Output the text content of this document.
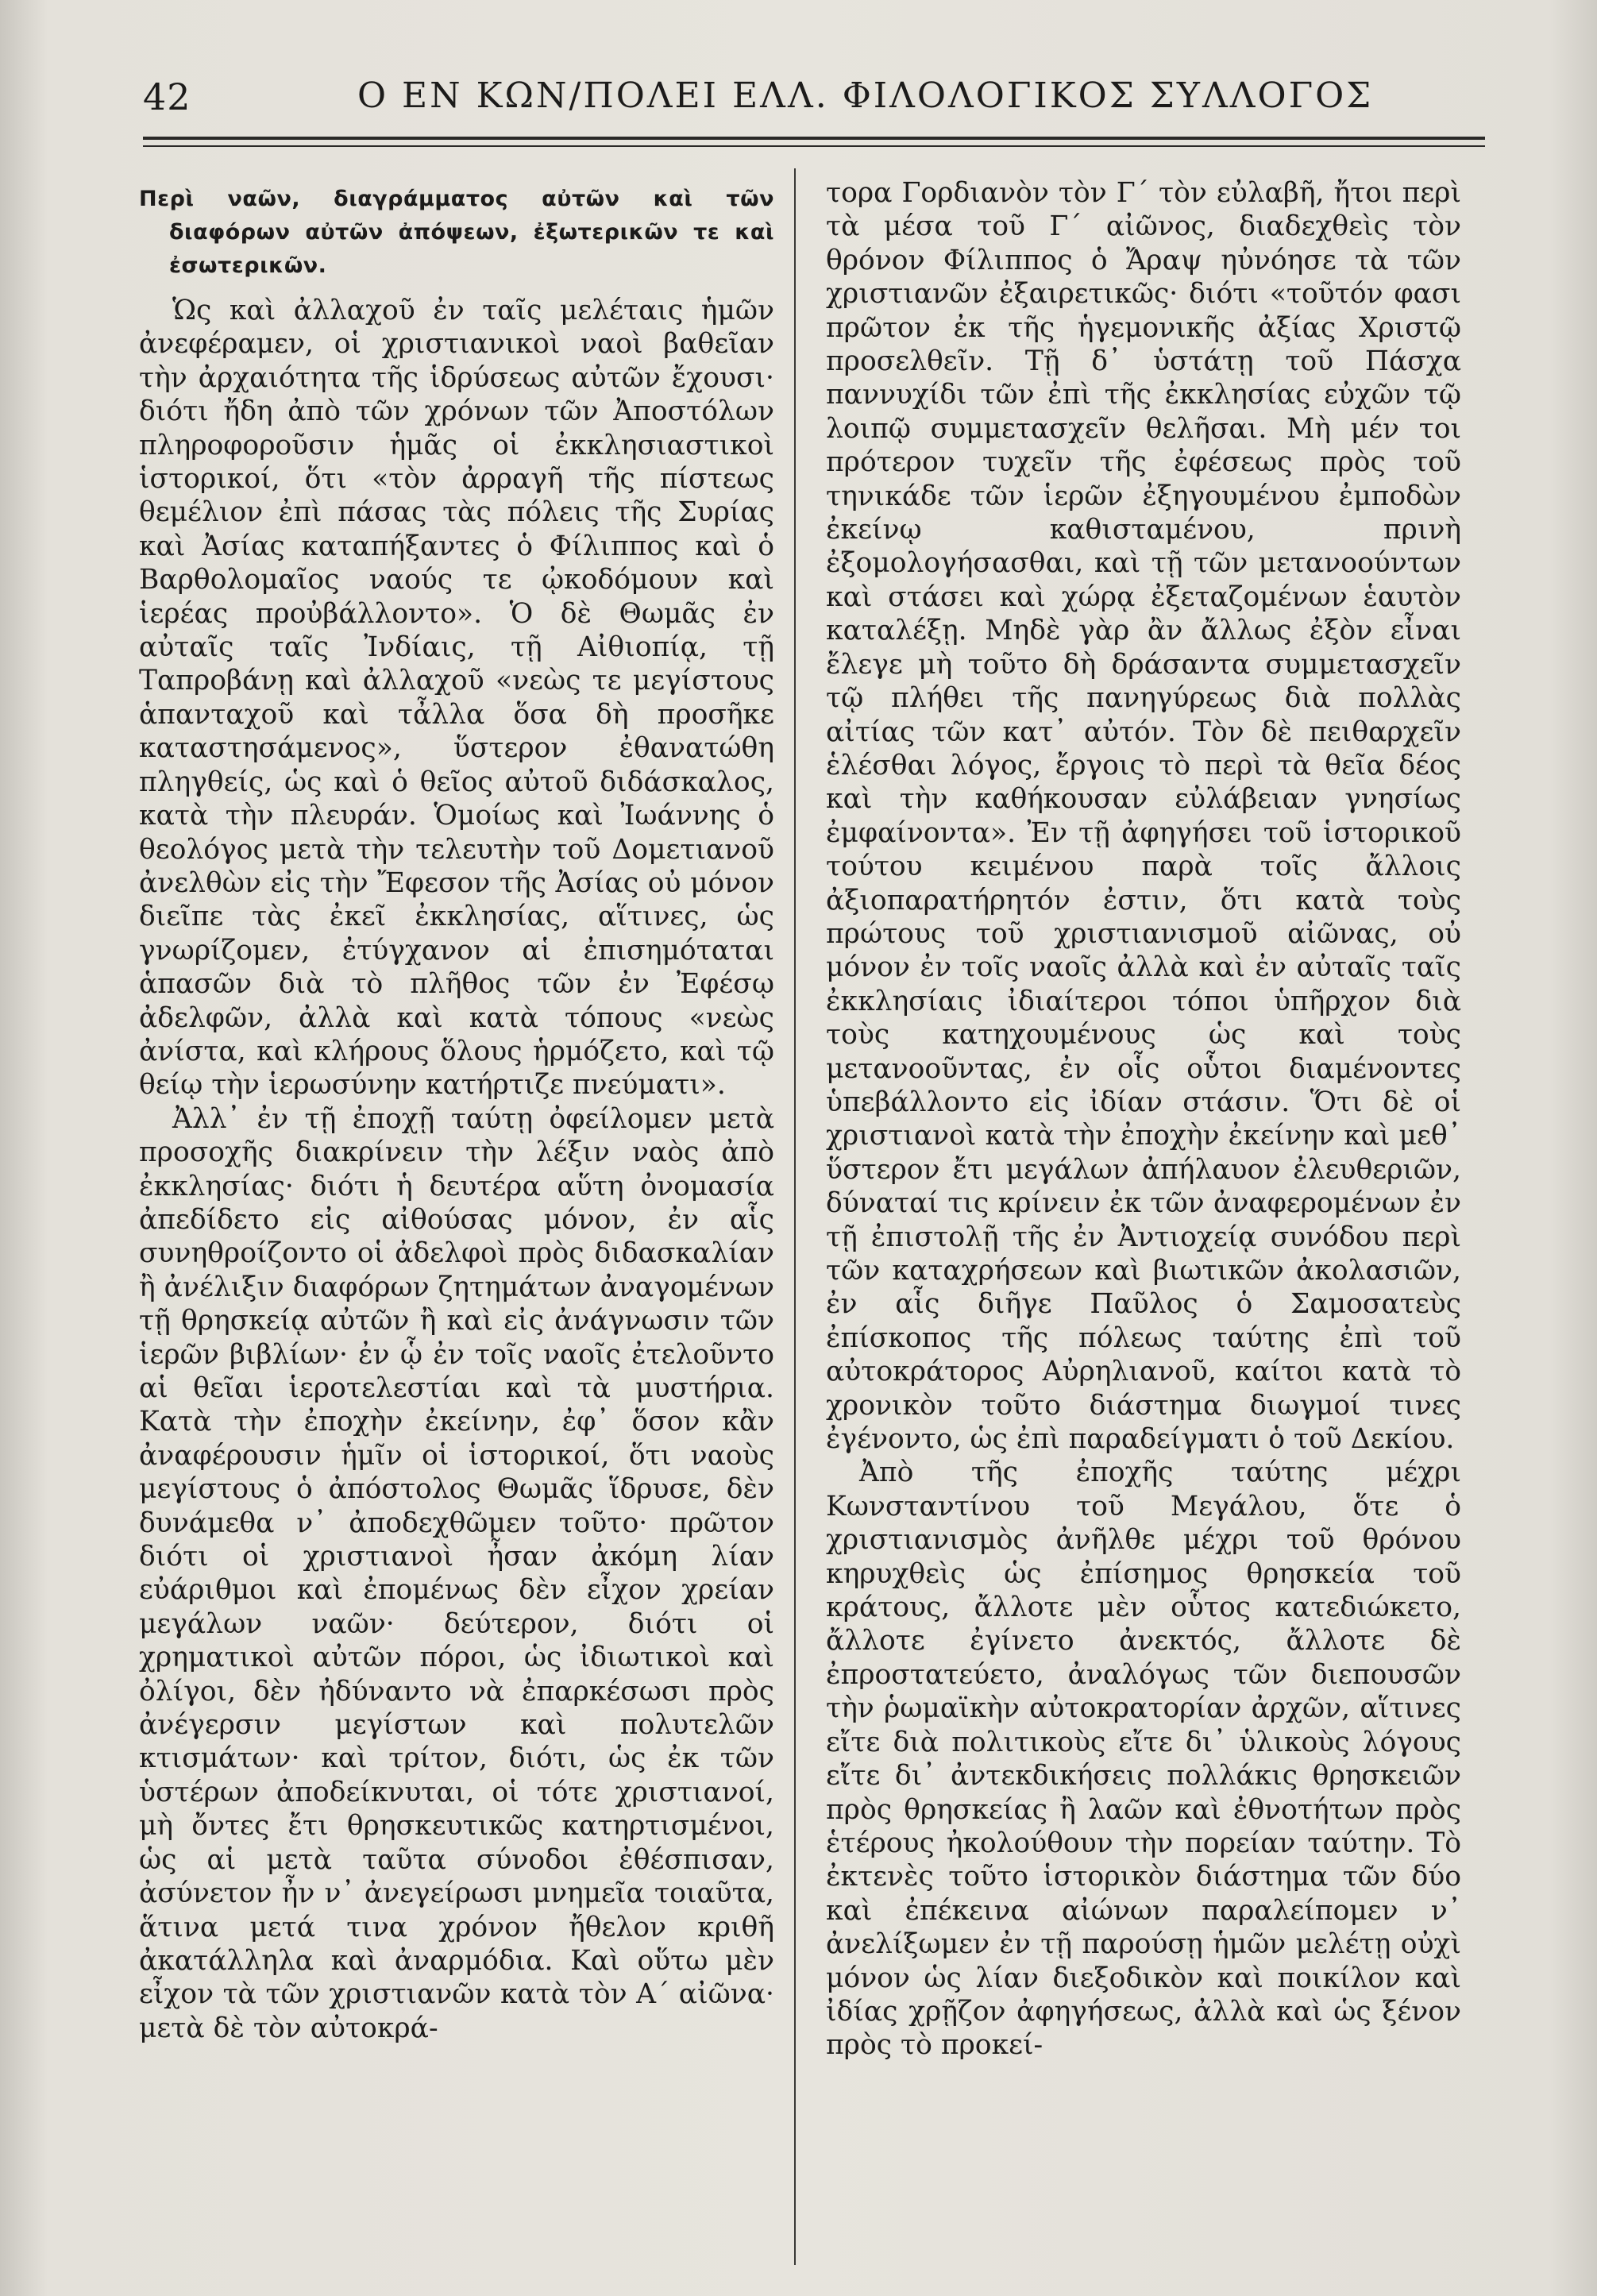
42	Ο ΕΝ ΚΩΝ/ΠΟΛΕΙ ΕΛΛ. ΦΙΛΟΛΟΓΙΚΟΣ ΣΥΛΛΟΓΟΣ
Περὶ ναῶν, διαγράμματος αὐτῶν καὶ τῶν διαφόρων αὐτῶν ἀπόψεων, ἐξωτερικῶν τε καὶ ἐσωτερικῶν.

Ὡς καὶ ἀλλαχοῦ ἐν ταῖς μελέταις ἡμῶν ἀνεφέραμεν, οἱ χριστιανικοὶ ναοὶ βαθεῖαν τὴν ἀρχαιότητα τῆς ἱδρύσεως αὐτῶν ἔχουσι· διότι ἤδη ἀπὸ τῶν χρόνων τῶν Ἀποστόλων πληροφοροῦσιν ἡμᾶς οἱ ἐκκλησιαστικοὶ ἱστορικοί, ὅτι «τὸν ἀρραγῆ τῆς πίστεως θεμέλιον ἐπὶ πάσας τὰς πόλεις τῆς Συρίας καὶ Ἀσίας καταπήξαντες ὁ Φίλιππος καὶ ὁ Βαρθολομαῖος ναούς τε ᾠκοδόμουν καὶ ἱερέας προὐβάλλοντο». Ὁ δὲ Θωμᾶς ἐν αὐταῖς ταῖς Ἰνδίαις, τῇ Αἰθιοπίᾳ, τῇ Ταπροβάνῃ καὶ ἀλλαχοῦ «νεὼς τε μεγίστους ἁπανταχοῦ καὶ τἆλλα ὅσα δὴ προσῆκε καταστησάμενος», ὕστερον ἐθανατώθη πληγθείς, ὡς καὶ ὁ θεῖος αὐτοῦ διδάσκαλος, κατὰ τὴν πλευράν. Ὁμοίως καὶ Ἰωάννης ὁ θεολόγος μετὰ τὴν τελευτὴν τοῦ Δομετιανοῦ ἀνελθὼν εἰς τὴν Ἔφεσον τῆς Ἀσίας οὐ μόνον διεῖπε τὰς ἐκεῖ ἐκκλησίας, αἵτινες, ὡς γνωρίζομεν, ἐτύγχανον αἱ ἐπισημόταται ἁπασῶν διὰ τὸ πλῆθος τῶν ἐν Ἐφέσῳ ἀδελφῶν, ἀλλὰ καὶ κατὰ τόπους «νεὼς ἀνίστα, καὶ κλήρους ὅλους ἡρμόζετο, καὶ τῷ θείῳ τὴν ἱερωσύνην κατήρτιζε πνεύματι».

Ἀλλ᾽ ἐν τῇ ἐποχῇ ταύτῃ ὀφείλομεν μετὰ προσοχῆς διακρίνειν τὴν λέξιν ναὸς ἀπὸ ἐκκλησίας· διότι ἡ δευτέρα αὕτη ὀνομασία ἀπεδίδετο εἰς αἰθούσας μόνον, ἐν αἷς συνηθροίζοντο οἱ ἀδελφοὶ πρὸς διδασκαλίαν ἢ ἀνέλιξιν διαφόρων ζητημάτων ἀναγομένων τῇ θρησκείᾳ αὐτῶν ἢ καὶ εἰς ἀνάγνωσιν τῶν ἱερῶν βιβλίων· ἐν ᾧ ἐν τοῖς ναοῖς ἐτελοῦντο αἱ θεῖαι ἱεροτελεστίαι καὶ τὰ μυστήρια. Κατὰ τὴν ἐποχὴν ἐκείνην, ἐφ᾽ ὅσον κἂν ἀναφέρουσιν ἡμῖν οἱ ἱστορικοί, ὅτι ναοὺς μεγίστους ὁ ἀπόστολος Θωμᾶς ἵδρυσε, δὲν δυνάμεθα ν᾽ ἀποδεχθῶμεν τοῦτο· πρῶτον διότι οἱ χριστιανοὶ ἦσαν ἀκόμη λίαν εὐάριθμοι καὶ ἐπομένως δὲν εἶχον χρείαν μεγάλων ναῶν· δεύτερον, διότι οἱ χρηματικοὶ αὐτῶν πόροι, ὡς ἰδιωτικοὶ καὶ ὀλίγοι, δὲν ἠδύναντο νὰ ἐπαρκέσωσι πρὸς ἀνέγερσιν μεγίστων καὶ πολυτελῶν κτισμάτων· καὶ τρίτον, διότι, ὡς ἐκ τῶν ὑστέρων ἀποδείκνυται, οἱ τότε χριστιανοί, μὴ ὄντες ἔτι θρησκευτικῶς κατηρτισμένοι, ὡς αἱ μετὰ ταῦτα σύνοδοι ἐθέσπισαν, ἀσύνετον ἦν ν᾽ ἀνεγείρωσι μνημεῖα τοιαῦτα, ἅτινα μετά τινα χρόνον ἤθελον κριθῆ ἀκατάλληλα καὶ ἀναρμόδια. Καὶ οὕτω μὲν εἶχον τὰ τῶν χριστιανῶν κατὰ τὸν Α΄ αἰῶνα· μετὰ δὲ τὸν αὐτοκρά-

τορα Γορδιανὸν τὸν Γ΄ τὸν εὐλαβῆ, ἤτοι περὶ τὰ μέσα τοῦ Γ΄ αἰῶνος, διαδεχθεὶς τὸν θρόνον Φίλιππος ὁ Ἄραψ ηὐνόησε τὰ τῶν χριστιανῶν ἐξαιρετικῶς· διότι «τοῦτόν φασι πρῶτον ἐκ τῆς ἡγεμονικῆς ἀξίας Χριστῷ προσελθεῖν. Τῇ δ᾽ ὑστάτῃ τοῦ Πάσχα παννυχίδι τῶν ἐπὶ τῆς ἐκκλησίας εὐχῶν τῷ λοιπῷ συμμετασχεῖν θελῆσαι. Μὴ μέν τοι πρότερον τυχεῖν τῆς ἐφέσεως πρὸς τοῦ τηνικάδε τῶν ἱερῶν ἐξηγουμένου ἐμποδὼν ἐκείνῳ καθισταμένου, πρινὴ ἐξομολογήσασθαι, καὶ τῇ τῶν μετανοούντων καὶ στάσει καὶ χώρᾳ ἐξεταζομένων ἑαυτὸν καταλέξῃ. Μηδὲ γὰρ ἂν ἄλλως ἐξὸν εἶναι ἔλεγε μὴ τοῦτο δὴ δράσαντα συμμετασχεῖν τῷ πλήθει τῆς πανηγύρεως διὰ πολλὰς αἰτίας τῶν κατ᾽ αὐτόν. Τὸν δὲ πειθαρχεῖν ἑλέσθαι λόγος, ἔργοις τὸ περὶ τὰ θεῖα δέος καὶ τὴν καθήκουσαν εὐλάβειαν γνησίως ἐμφαίνοντα». Ἐν τῇ ἀφηγήσει τοῦ ἱστορικοῦ τούτου κειμένου παρὰ τοῖς ἄλλοις ἀξιοπαρατήρητόν ἐστιν, ὅτι κατὰ τοὺς πρώτους τοῦ χριστιανισμοῦ αἰῶνας, οὐ μόνον ἐν τοῖς ναοῖς ἀλλὰ καὶ ἐν αὐταῖς ταῖς ἐκκλησίαις ἰδιαίτεροι τόποι ὑπῆρχον διὰ τοὺς κατηχουμένους ὡς καὶ τοὺς μετανοοῦντας, ἐν οἷς οὗτοι διαμένοντες ὑπεβάλλοντο εἰς ἰδίαν στάσιν. Ὅτι δὲ οἱ χριστιανοὶ κατὰ τὴν ἐποχὴν ἐκείνην καὶ μεθ᾽ ὕστερον ἔτι μεγάλων ἀπήλαυον ἐλευθεριῶν, δύναταί τις κρίνειν ἐκ τῶν ἀναφερομένων ἐν τῇ ἐπιστολῇ τῆς ἐν Ἀντιοχείᾳ συνόδου περὶ τῶν καταχρήσεων καὶ βιωτικῶν ἀκολασιῶν, ἐν αἷς διῆγε Παῦλος ὁ Σαμοσατεὺς ἐπίσκοπος τῆς πόλεως ταύτης ἐπὶ τοῦ αὐτοκράτορος Αὐρηλιανοῦ, καίτοι κατὰ τὸ χρονικὸν τοῦτο διάστημα διωγμοί τινες ἐγένοντο, ὡς ἐπὶ παραδείγματι ὁ τοῦ Δεκίου.

Ἀπὸ τῆς ἐποχῆς ταύτης μέχρι Κωνσταντίνου τοῦ Μεγάλου, ὅτε ὁ χριστιανισμὸς ἀνῆλθε μέχρι τοῦ θρόνου κηρυχθεὶς ὡς ἐπίσημος θρησκεία τοῦ κράτους, ἄλλοτε μὲν οὗτος κατεδιώκετο, ἄλλοτε ἐγίνετο ἀνεκτός, ἄλλοτε δὲ ἐπροστατεύετο, ἀναλόγως τῶν διεπουσῶν τὴν ῥωμαϊκὴν αὐτοκρατορίαν ἀρχῶν, αἵτινες εἴτε διὰ πολιτικοὺς εἴτε δι᾽ ὑλικοὺς λόγους εἴτε δι᾽ ἀντεκδικήσεις πολλάκις θρησκειῶν πρὸς θρησκείας ἢ λαῶν καὶ ἐθνοτήτων πρὸς ἑτέρους ἠκολούθουν τὴν πορείαν ταύτην. Τὸ ἐκτενὲς τοῦτο ἱστορικὸν διάστημα τῶν δύο καὶ ἐπέκεινα αἰώνων παραλείπομεν ν᾽ ἀνελίξωμεν ἐν τῇ παρούσῃ ἡμῶν μελέτῃ οὐχὶ μόνον ὡς λίαν διεξοδικὸν καὶ ποικίλον καὶ ἰδίας χρῇζον ἀφηγήσεως, ἀλλὰ καὶ ὡς ξένον πρὸς τὸ προκεί-
